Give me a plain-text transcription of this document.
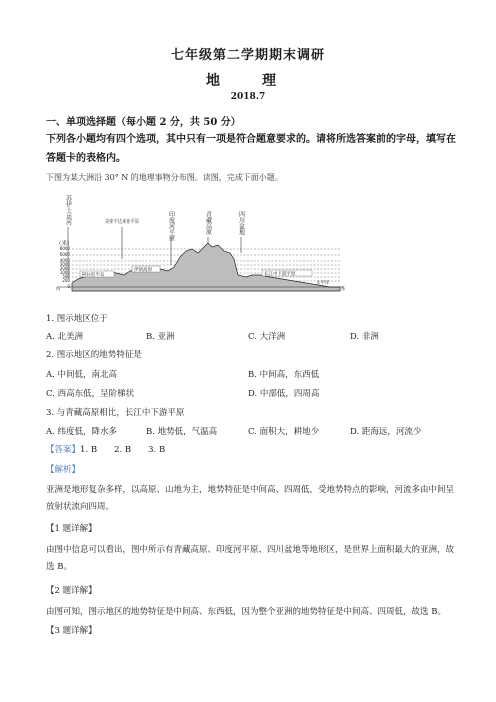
七年级第二学期期末调研
地　理
2018.7
一、单项选择题（每小题 2 分，共 50 分）
下列各小题均有四个选项，其中只有一项是符合题意要求的。请将所选答案前的字母，填写在答题卡的表格内。
下图为某大洲沿 30° N 的地理事物分布图。读图，完成下面小题。
苏伊士运河	美索不达米亚平原	印度河平原	青藏高原	四川盆地
（米）
8000
6000
4000
3000
2000
1000
500
200
0
阿拉伯半岛
伊朗高原
长江中下游平原
太平洋
西	东
1. 图示地区位于
A. 北美洲	B. 亚洲	C. 大洋洲	D. 非洲
2. 图示地区的地势特征是
A. 中间低，南北高	B. 中间高，东西低
C. 西高东低，呈阶梯状	D. 中部低，四周高
3. 与青藏高原相比，长江中下游平原
A. 纬度低，降水多	B. 地势低，气温高	C. 面积大，耕地少	D. 距海远，河流少
【答案】1. B　　2. B　　3. B
【解析】
亚洲是地形复杂多样，以高原、山地为主，地势特征是中间高、四周低，受地势特点的影响，河流多由中间呈放射状流向四周。
【1 题详解】
由图中信息可以看出，图中所示有青藏高原、印度河平原、四川盆地等地形区，是世界上面积最大的亚洲，故选 B。
【2 题详解】
由图可知，图示地区的地势特征是中间高、东西低，因为整个亚洲的地势特征是中间高、四周低，故选 B。
【3 题详解】
